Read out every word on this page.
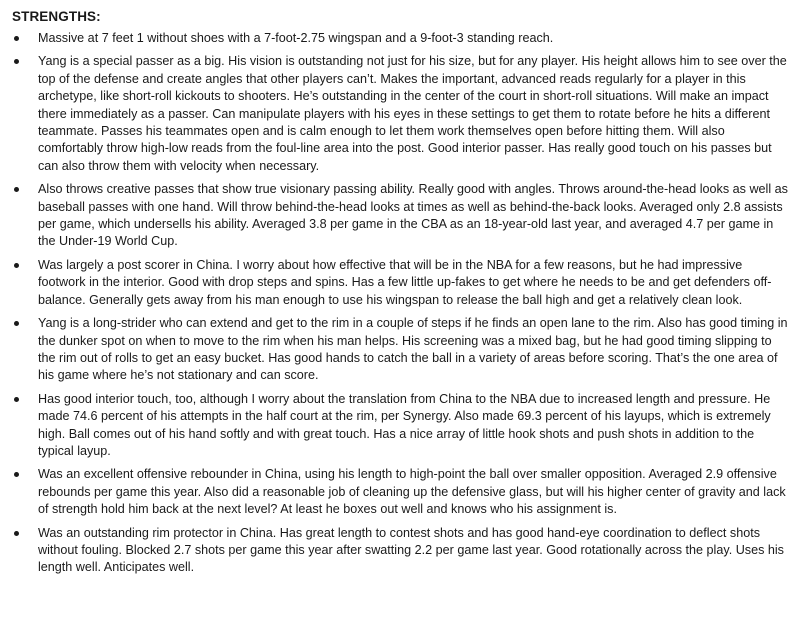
STRENGTHS:
Massive at 7 feet 1 without shoes with a 7-foot-2.75 wingspan and a 9-foot-3 standing reach.
Yang is a special passer as a big. His vision is outstanding not just for his size, but for any player. His height allows him to see over the top of the defense and create angles that other players can’t. Makes the important, advanced reads regularly for a player in this archetype, like short-roll kickouts to shooters. He’s outstanding in the center of the court in short-roll situations. Will make an impact there immediately as a passer. Can manipulate players with his eyes in these settings to get them to rotate before he hits a different teammate. Passes his teammates open and is calm enough to let them work themselves open before hitting them. Will also comfortably throw high-low reads from the foul-line area into the post. Good interior passer. Has really good touch on his passes but can also throw them with velocity when necessary.
Also throws creative passes that show true visionary passing ability. Really good with angles. Throws around-the-head looks as well as baseball passes with one hand. Will throw behind-the-head looks at times as well as behind-the-back looks. Averaged only 2.8 assists per game, which undersells his ability. Averaged 3.8 per game in the CBA as an 18-year-old last year, and averaged 4.7 per game in the Under-19 World Cup.
Was largely a post scorer in China. I worry about how effective that will be in the NBA for a few reasons, but he had impressive footwork in the interior. Good with drop steps and spins. Has a few little up-fakes to get where he needs to be and get defenders off-balance. Generally gets away from his man enough to use his wingspan to release the ball high and get a relatively clean look.
Yang is a long-strider who can extend and get to the rim in a couple of steps if he finds an open lane to the rim. Also has good timing in the dunker spot on when to move to the rim when his man helps. His screening was a mixed bag, but he had good timing slipping to the rim out of rolls to get an easy bucket. Has good hands to catch the ball in a variety of areas before scoring. That’s the one area of his game where he’s not stationary and can score.
Has good interior touch, too, although I worry about the translation from China to the NBA due to increased length and pressure. He made 74.6 percent of his attempts in the half court at the rim, per Synergy. Also made 69.3 percent of his layups, which is extremely high. Ball comes out of his hand softly and with great touch. Has a nice array of little hook shots and push shots in addition to the typical layup.
Was an excellent offensive rebounder in China, using his length to high-point the ball over smaller opposition. Averaged 2.9 offensive rebounds per game this year. Also did a reasonable job of cleaning up the defensive glass, but will his higher center of gravity and lack of strength hold him back at the next level? At least he boxes out well and knows who his assignment is.
Was an outstanding rim protector in China. Has great length to contest shots and has good hand-eye coordination to deflect shots without fouling. Blocked 2.7 shots per game this year after swatting 2.2 per game last year. Good rotationally across the play. Uses his length well. Anticipates well.
